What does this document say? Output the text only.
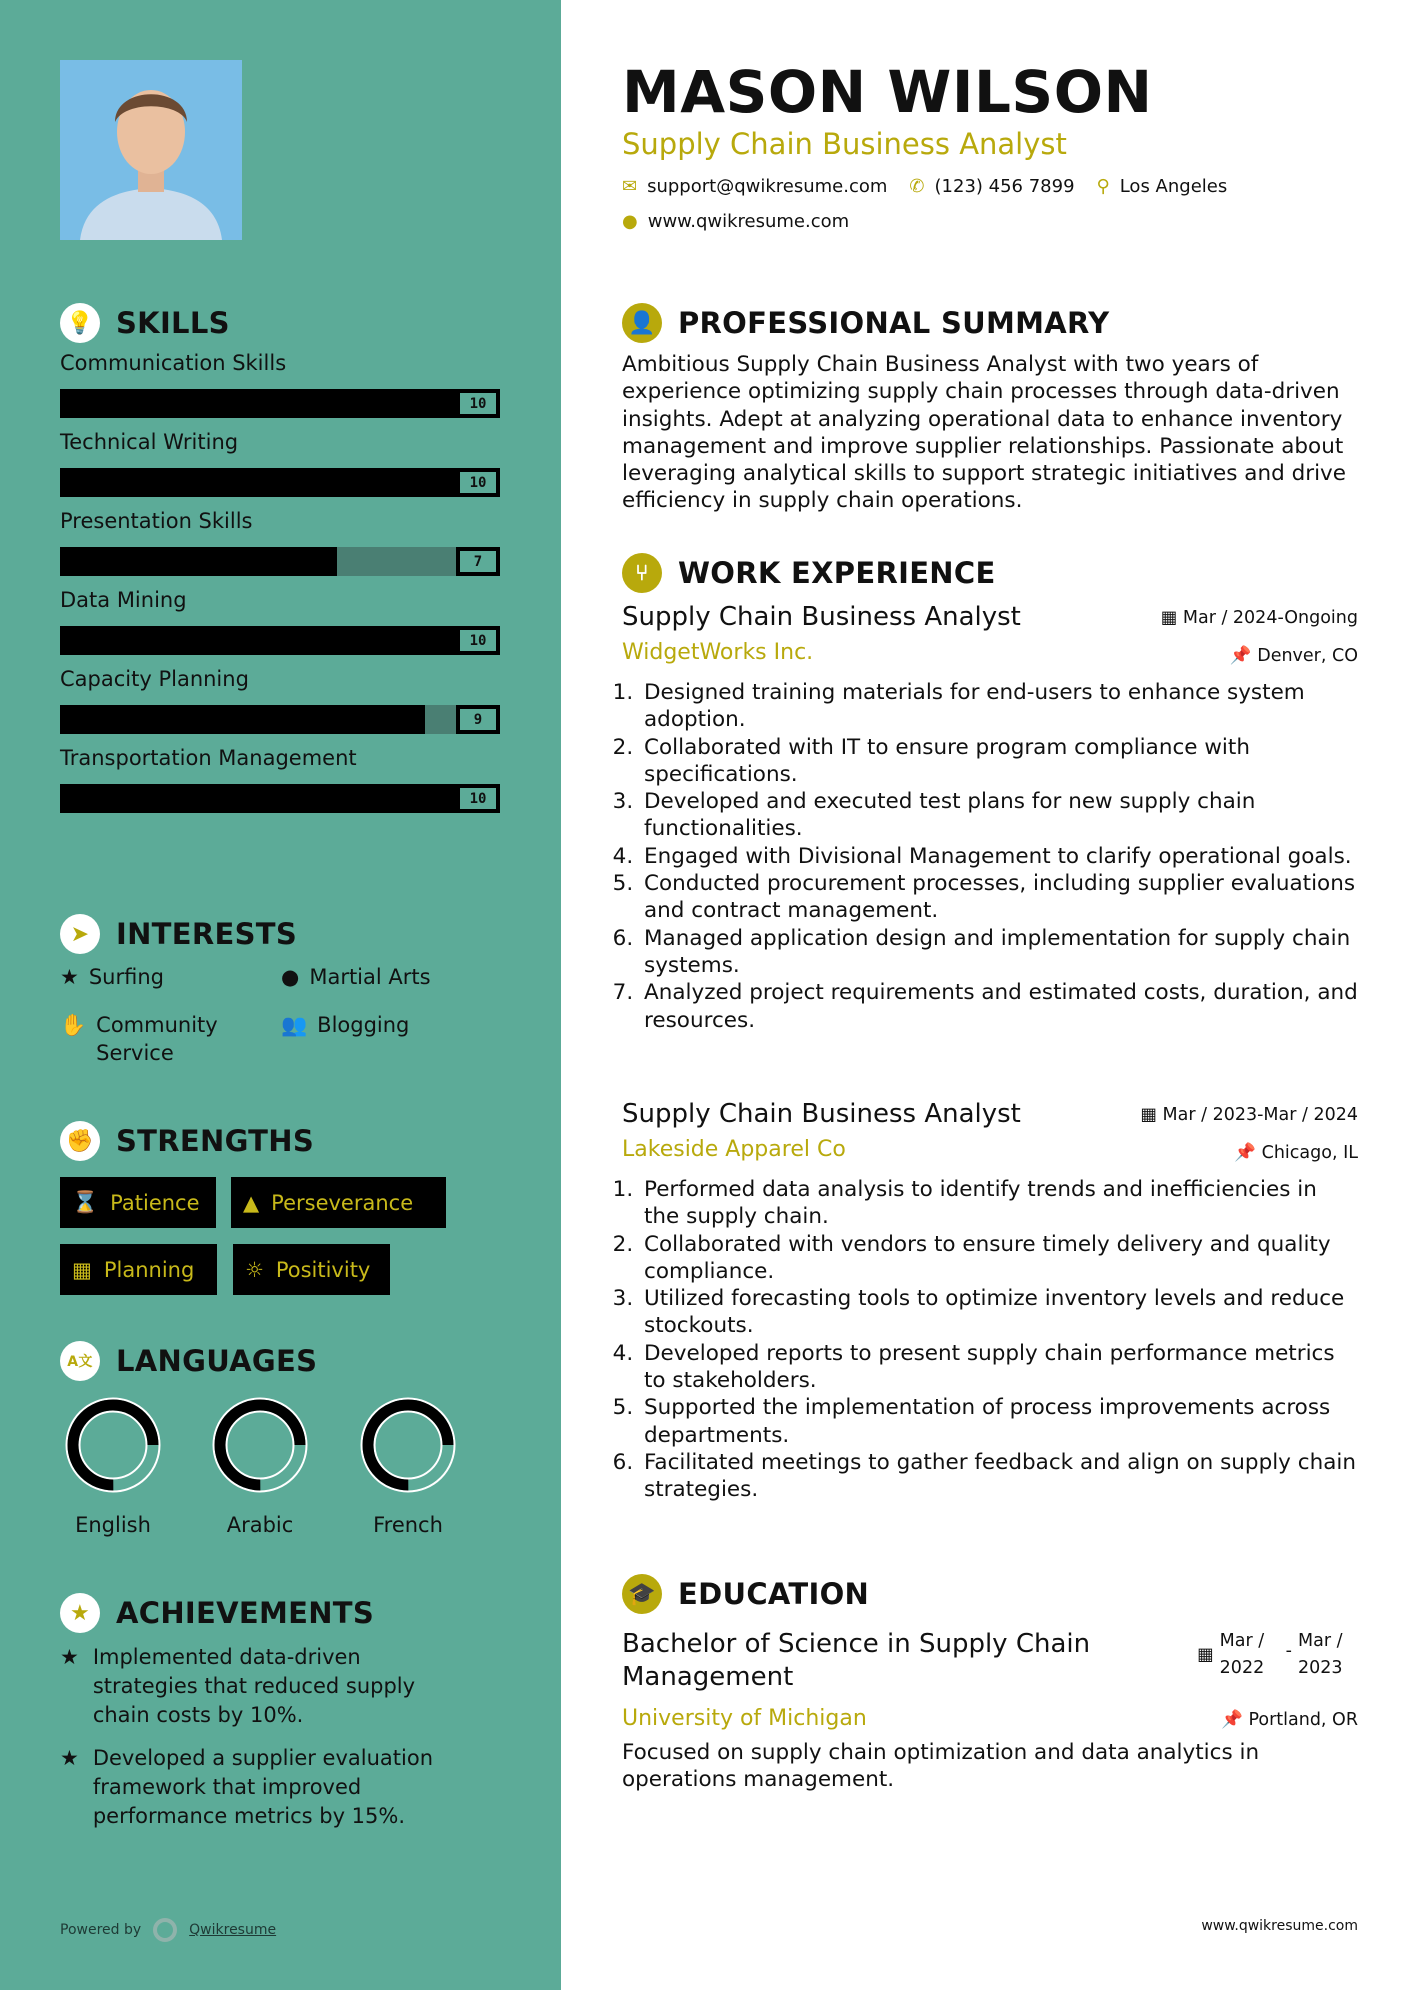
💡 SKILLS
Communication Skills
10
Technical Writing
10
Presentation Skills
7
Data Mining
10
Capacity Planning
9
Transportation Management
10
➤ INTERESTS
★ Surfing	● Martial Arts
✋ Community Service
👥 Blogging
✊ STRENGTHS
⌛ Patience ▲ Perseverance
▦ Planning ☼ Positivity
A文 LANGUAGES
English	Arabic	French
★ ACHIEVEMENTS
★ Implemented data-driven strategies that reduced supply chain costs by 10%.
★ Developed a supplier evaluation framework that improved performance metrics by 15%.
Powered by	Qwikresume
MASON WILSON
Supply Chain Business Analyst
✉ support@qwikresume.com ✆ (123) 456 7899 ⚲ Los Angeles
● www.qwikresume.com
👤 PROFESSIONAL SUMMARY

Ambitious Supply Chain Business Analyst with two years of experience optimizing supply chain processes through data-driven insights. Adept at analyzing operational data to enhance inventory management and improve supplier relationships. Passionate about leveraging analytical skills to support strategic initiatives and drive efficiency in supply chain operations.

⑂	WORK EXPERIENCE
Supply Chain Business Analyst	▦ Mar / 2024-Ongoing
WidgetWorks Inc.	📌 Denver, CO
1. Designed training materials for end-users to enhance system adoption.
2. Collaborated with IT to ensure program compliance with specifications.
3. Developed and executed test plans for new supply chain functionalities.
4. Engaged with Divisional Management to clarify operational goals.
5. Conducted procurement processes, including supplier evaluations and contract management.
6. Managed application design and implementation for supply chain systems.
7. Analyzed project requirements and estimated costs, duration, and resources.
Supply Chain Business Analyst	▦ Mar / 2023-Mar / 2024
Lakeside Apparel Co	📌 Chicago, IL
1. Performed data analysis to identify trends and inefficiencies in the supply chain.
2. Collaborated with vendors to ensure timely delivery and quality compliance.
3. Utilized forecasting tools to optimize inventory levels and reduce stockouts.
4. Developed reports to present supply chain performance metrics to stakeholders.
5. Supported the implementation of process improvements across departments.
6. Facilitated meetings to gather feedback and align on supply chain strategies.
🎓 EDUCATION
Bachelor of Science in Supply Chain Management
▦
Mar / 2022
- Mar / 2023
University of Michigan	📌 Portland, OR

Focused on supply chain optimization and data analytics in operations management.

www.qwikresume.com
